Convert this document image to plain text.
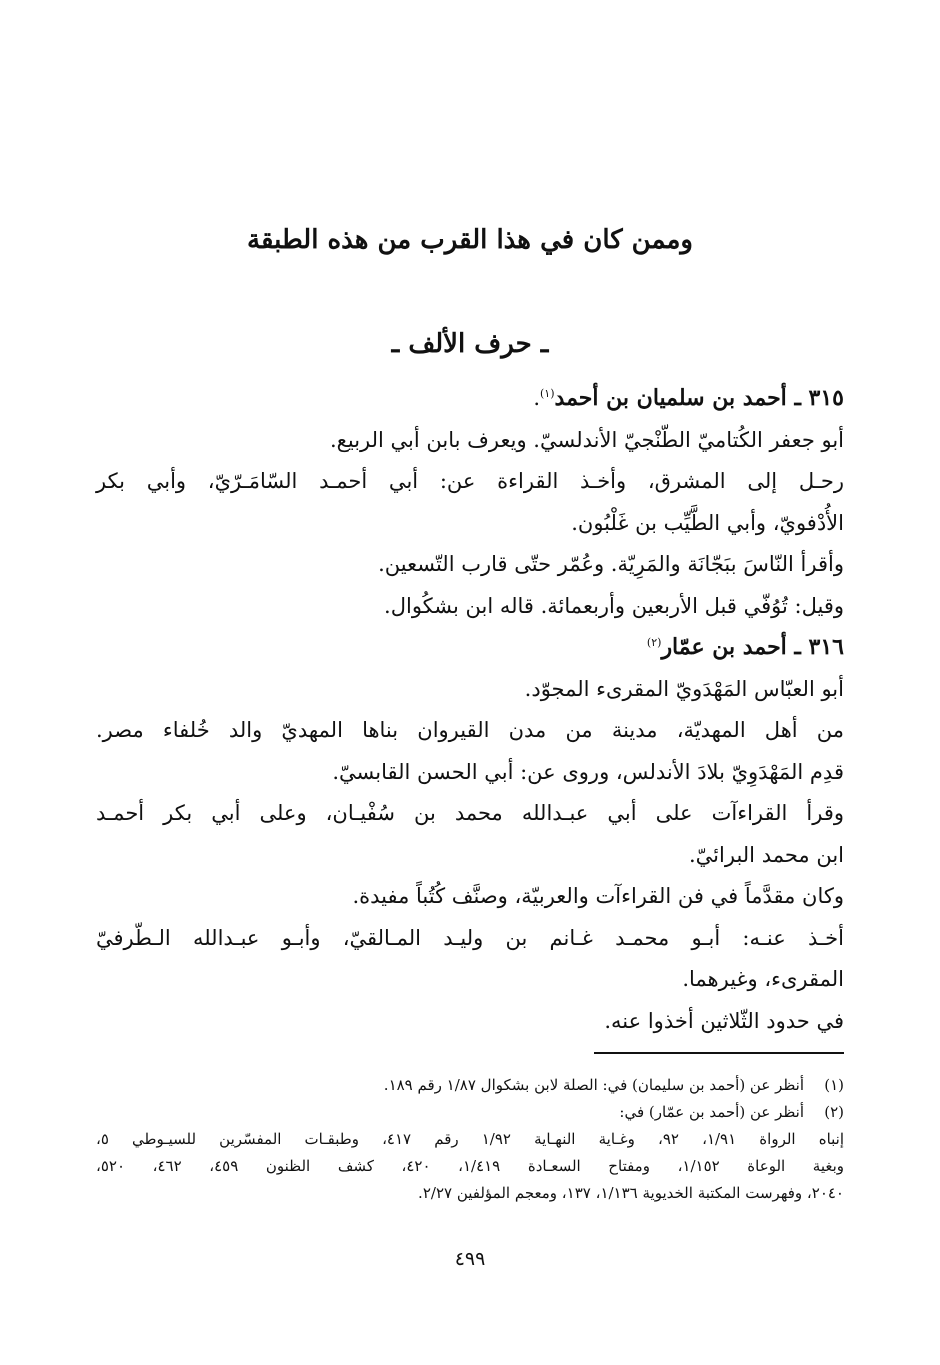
وممن كان في هذا القرب من هذه الطبقة
ـ حرف الألف ـ
٣١٥ ـ أحمد بن سلميان بن أحمد$^{(١)}$.
أبو جعفر الكُتاميّ الطّنْجيّ الأندلسيّ. ويعرف بابن أبي الربيع.
رحـل إلى المشرق، وأخـذ القراءة عن: أبي أحمـد السّامَـرّيّ، وأبي بكر
الأُدْفويّ، وأبي الطَّيِّب بن غَلْبُون.
وأقرأ النّاسَ ببَجّانَة والمَرِيّة. وعُمّر حتّى قارب التّسعين.
وقيل: تُوُفّي قبل الأربعين وأربعمائة. قاله ابن بشكُوال.
٣١٦ ـ أحمد بن عمّار$^{(٢)}$
أبو العبّاس المَهْدَويّ المقرىء المجوّد.
من أهل المهديّة، مدينة من مدن القيروان بناها المهديّ والد خُلفاء مصر.
قدِم المَهْدَوِيّ بلادَ الأندلس، وروى عن: أبي الحسن القابسيّ.
وقرأ القراءآت على أبي عبـدالله محمد بن سُفْيـان، وعلى أبي بكر أحمـد
ابن محمد البرائيّ.
وكان مقدَّماً في فن القراءآت والعربيّة، وصنَّف كُتُباً مفيدة.
أخـذ عنـه: أبـو محمـد غـانم بن وليـد المـالقيّ، وأبـو عبـدالله الـطّرفيّ
المقرىء، وغيرهما.
في حدود الثّلاثين أخذوا عنه.
(١)أنظر عن (أحمد بن سليمان) في: الصلة لابن بشكوال ١/٨٧ رقم ١٨٩.
(٢)أنظر عن (أحمد بن عمّار) في:
إنباه الرواة ١/٩١، ٩٢، وغـاية النهـاية ١/٩٢ رقم ٤١٧، وطبقـات المفسّرين للسيـوطي ٥،
وبغية الوعاة ١/١٥٢، ومفتاح السعـادة ١/٤١٩، ٤٢٠، كشف الظنون ٤٥٩، ٤٦٢، ٥٢٠،
٢٠٤٠، وفهرست المكتبة الخديوية ١/١٣٦، ١٣٧، ومعجم المؤلفين ٢/٢٧.
٤٩٩
